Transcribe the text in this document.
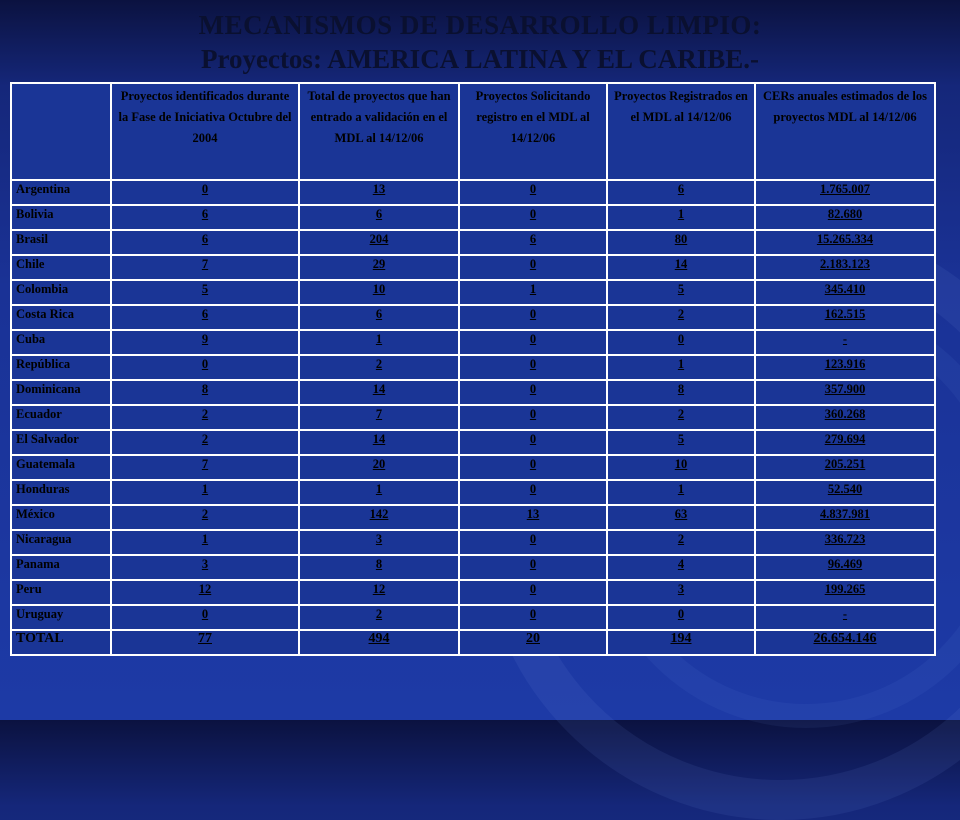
MECANISMOS DE DESARROLLO LIMPIO:
Proyectos: AMERICA LATINA Y EL CARIBE.-
	Proyectos identificados durante la Fase de Iniciativa Octubre del 2004	Total de proyectos que han entrado a validación en el MDL al 14/12/06	Proyectos Solicitando registro en el MDL al 14/12/06	Proyectos Registrados en el MDL al 14/12/06	CERs anuales estimados de los proyectos MDL al 14/12/06
Argentina	0	13	0	6	1.765.007
Bolivia	6	6	0	1	82.680
Brasil	6	204	6	80	15.265.334
Chile	7	29	0	14	2.183.123
Colombia	5	10	1	5	345.410
Costa Rica	6	6	0	2	162.515
Cuba	9	1	0	0	-
República	0	2	0	1	123.916
Dominicana	8	14	0	8	357.900
Ecuador	2	7	0	2	360.268
El Salvador	2	14	0	5	279.694
Guatemala	7	20	0	10	205.251
Honduras	1	1	0	1	52.540
México	2	142	13	63	4.837.981
Nicaragua	1	3	0	2	336.723
Panama	3	8	0	4	96.469
Peru	12	12	0	3	199.265
Uruguay	0	2	0	0	-
TOTAL	77	494	20	194	26.654.146
